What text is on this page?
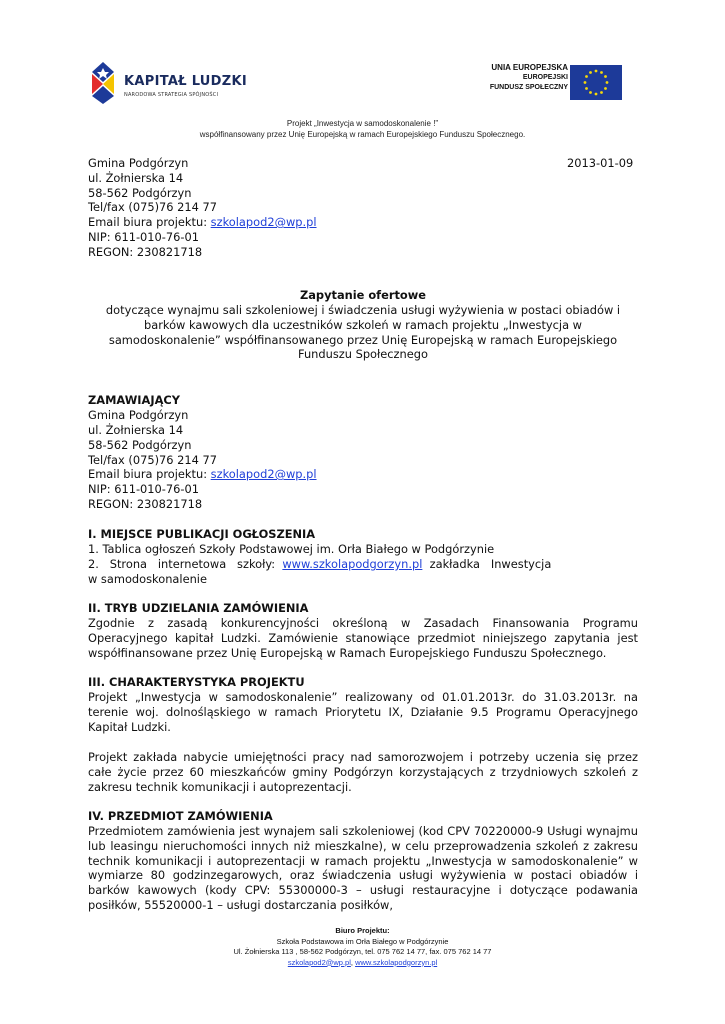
KAPITAŁ LUDZKI
NARODOWA STRATEGIA SPÓJNOŚCI
UNIA EUROPEJSKA
EUROPEJSKI
FUNDUSZ SPOŁECZNY
Projekt „Inwestycja w samodoskonalenie !”
współfinansowany przez Unię Europejską w ramach Europejskiego Funduszu Społecznego.
Gmina Podgórzyn	2013-01-09
ul. Żołnierska 14
58-562 Podgórzyn
Tel/fax (075)76 214 77
Email biura projektu: szkolapod2@wp.pl
NIP: 611-010-76-01
REGON: 230821718
Zapytanie ofertowe
dotyczące wynajmu sali szkoleniowej i świadczenia usługi wyżywienia w postaci obiadów i
barków kawowych dla uczestników szkoleń w ramach projektu „Inwestycja w
samodoskonalenie” współfinansowanego przez Unię Europejską w ramach Europejskiego
Funduszu Społecznego
ZAMAWIAJĄCY
Gmina Podgórzyn
ul. Żołnierska 14
58-562 Podgórzyn
Tel/fax (075)76 214 77
Email biura projektu: szkolapod2@wp.pl
NIP: 611-010-76-01
REGON: 230821718
I. MIEJSCE PUBLIKACJI OGŁOSZENIA
1. Tablica ogłoszeń Szkoły Podstawowej im. Orła Białego w Podgórzynie
2.   Strona   internetowa   szkoły:  www.szkolapodgorzyn.pl  zakładka   Inwestycja
w samodoskonalenie
II. TRYB UDZIELANIA ZAMÓWIENIA
Zgodnie z zasadą konkurencyjności określoną w Zasadach Finansowania Programu Operacyjnego kapitał Ludzki. Zamówienie stanowiące przedmiot niniejszego zapytania jest współfinansowane przez Unię Europejską w Ramach Europejskiego Funduszu Społecznego.
III. CHARAKTERYSTYKA PROJEKTU
Projekt „Inwestycja w samodoskonalenie” realizowany od 01.01.2013r. do 31.03.2013r. na terenie woj. dolnośląskiego w ramach Priorytetu IX, Działanie 9.5 Programu Operacyjnego Kapitał Ludzki.
Projekt zakłada nabycie umiejętności pracy nad samorozwojem i potrzeby uczenia się przez całe życie przez 60 mieszkańców gminy Podgórzyn korzystających z trzydniowych szkoleń z zakresu technik komunikacji i autoprezentacji.
IV. PRZEDMIOT ZAMÓWIENIA
Przedmiotem zamówienia jest wynajem sali szkoleniowej (kod CPV 70220000-9 Usługi wynajmu lub leasingu nieruchomości innych niż mieszkalne), w celu przeprowadzenia szkoleń z zakresu technik komunikacji i autoprezentacji w ramach projektu „Inwestycja w samodoskonalenie” w wymiarze 80 godzinzegarowych, oraz świadczenia usługi wyżywienia w postaci obiadów i barków kawowych (kody CPV: 55300000-3 – usługi restauracyjne i dotyczące podawania posiłków, 55520000-1 – usługi dostarczania posiłków,
Biuro Projektu:
Szkoła Podstawowa im Orła Białego w Podgórzynie
Ul. Żołnierska 113 , 58-562 Podgórzyn, tel. 075 762 14 77, fax. 075 762 14 77
szkolapod2@wp.pl, www.szkolapodgorzyn.pl
